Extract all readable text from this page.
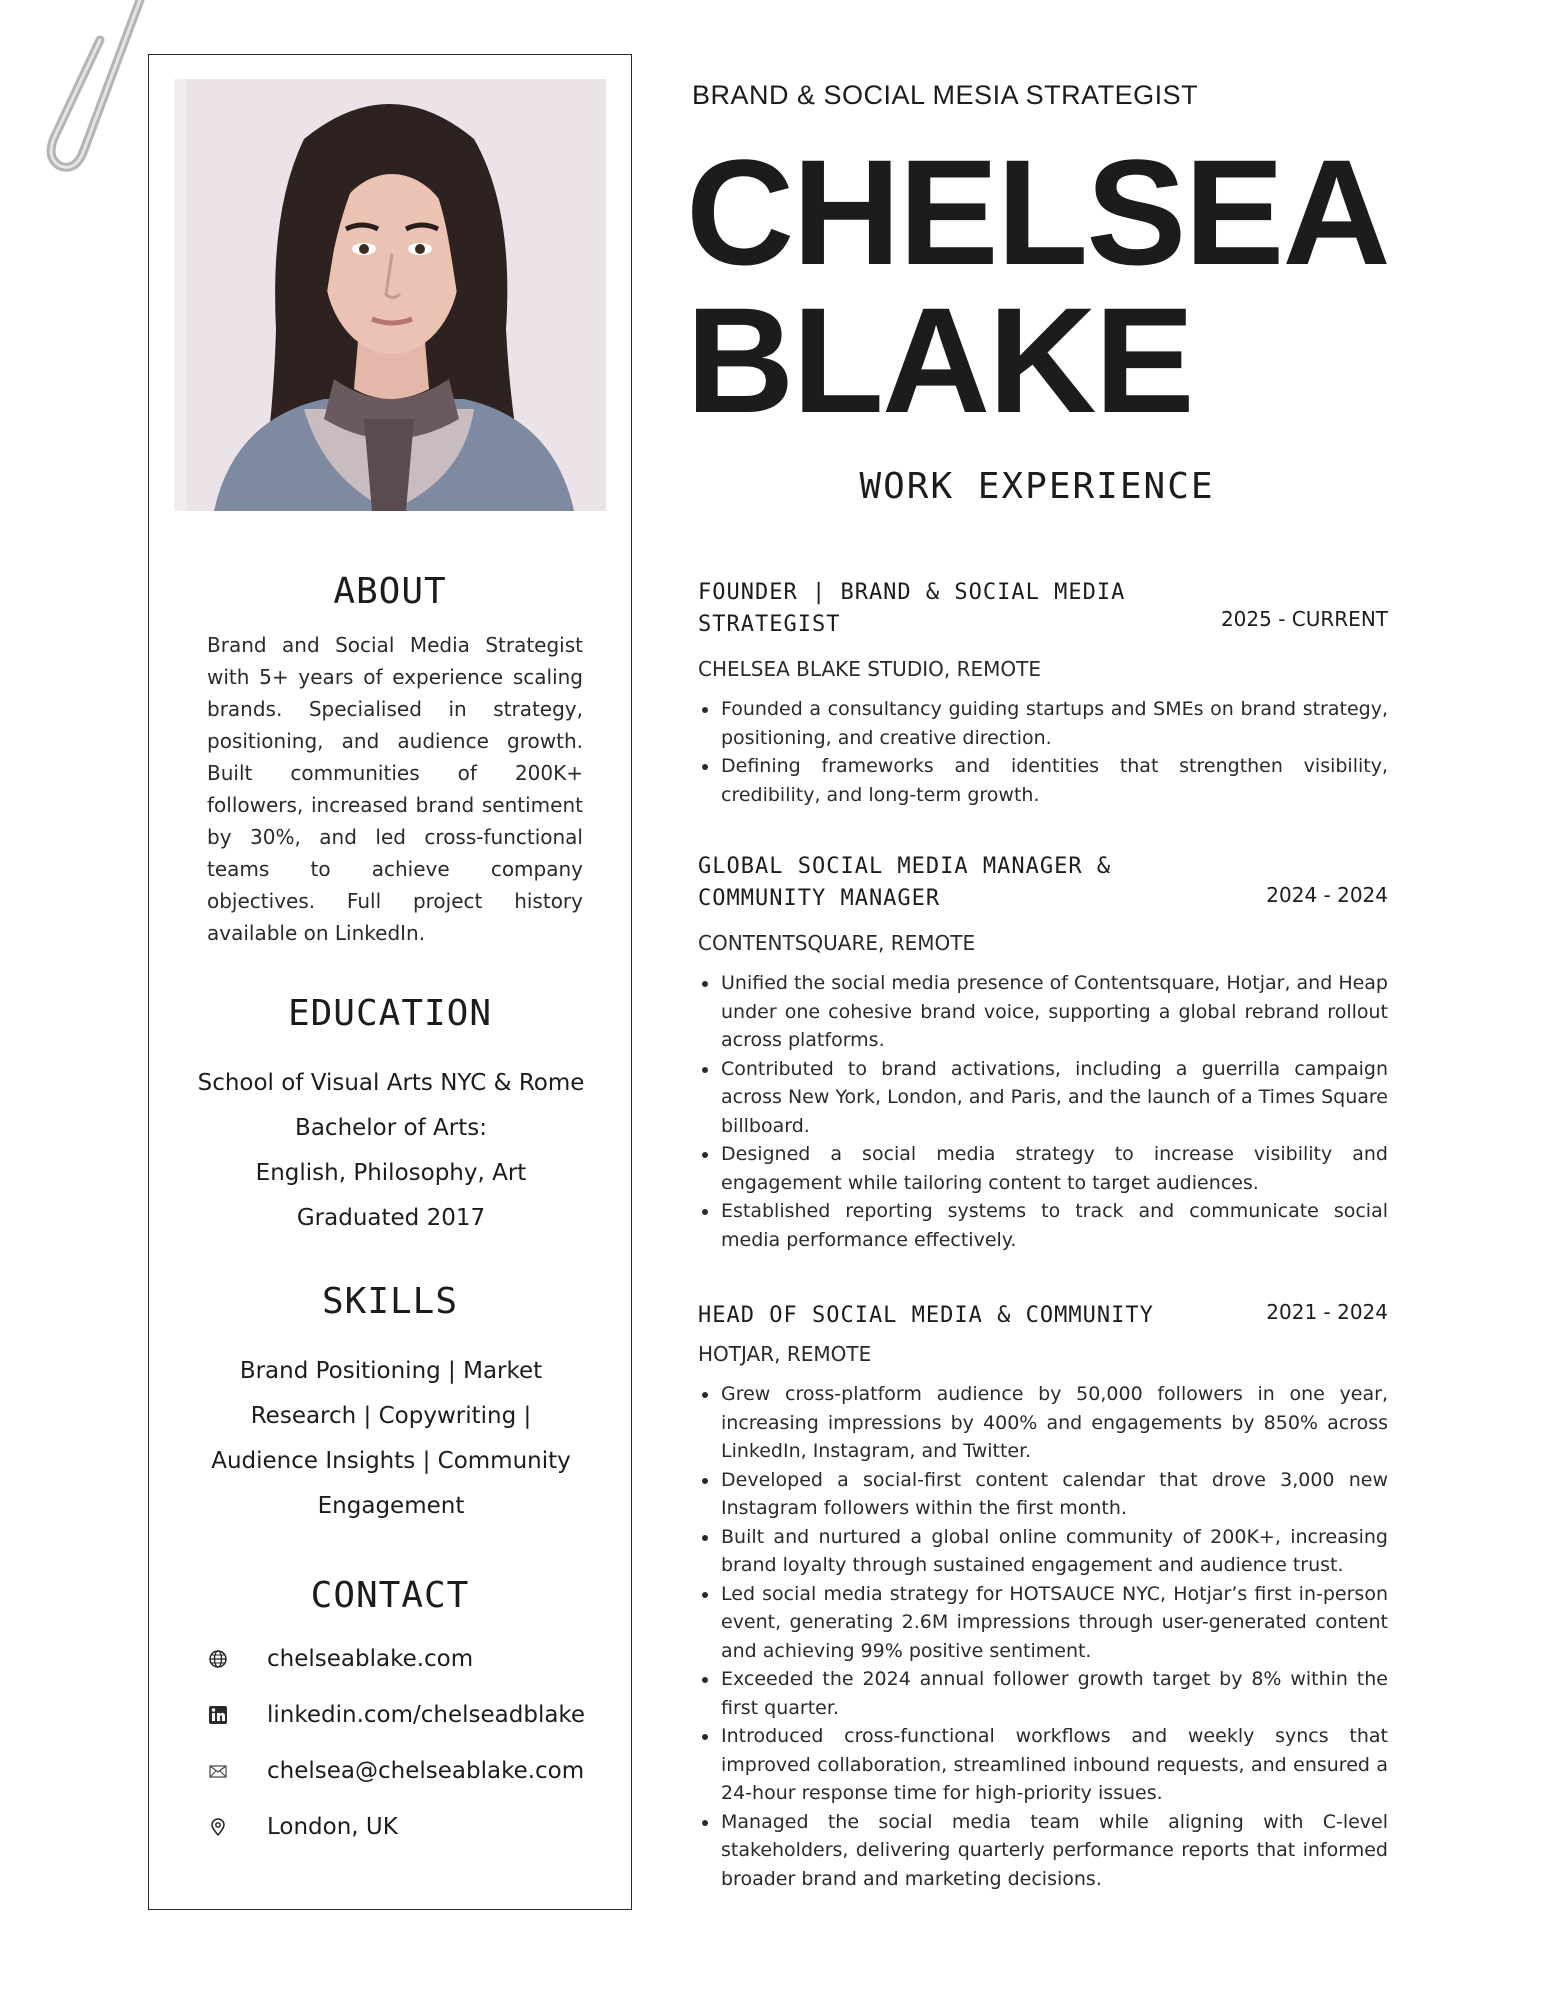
ABOUT

Brand and Social Media Strategist with 5+ years of experience scaling brands. Specialised in strategy, positioning, and audience growth. Built communities of 200K+ followers, increased brand sentiment by 30%, and led cross-functional teams to achieve company objectives. Full project history available on LinkedIn.

EDUCATION
School of Visual Arts NYC & Rome
Bachelor of Arts:
English, Philosophy, Art
Graduated 2017
SKILLS
Brand Positioning | Market
Research | Copywriting |
Audience Insights | Community
Engagement
CONTACT
chelseablake.com
linkedin.com/chelseadblake
chelsea@chelseablake.com
London, UK
BRAND & SOCIAL MESIA STRATEGIST
CHELSEA
BLAKE
WORK EXPERIENCE
2025 - CURRENT
FOUNDER | BRAND & SOCIAL MEDIA
STRATEGIST
CHELSEA BLAKE STUDIO, REMOTE
• Founded a consultancy guiding startups and SMEs on brand strategy, positioning, and creative direction.
• Defining frameworks and identities that strengthen visibility, credibility, and long-term growth.
2024 - 2024
GLOBAL SOCIAL MEDIA MANAGER &
COMMUNITY MANAGER
CONTENTSQUARE, REMOTE
• Unified the social media presence of Contentsquare, Hotjar, and Heap under one cohesive brand voice, supporting a global rebrand rollout across platforms.
• Contributed to brand activations, including a guerrilla campaign across New York, London, and Paris, and the launch of a Times Square billboard.
• Designed a social media strategy to increase visibility and engagement while tailoring content to target audiences.
• Established reporting systems to track and communicate social media performance effectively.
2021 - 2024
HEAD OF SOCIAL MEDIA & COMMUNITY
HOTJAR, REMOTE
• Grew cross-platform audience by 50,000 followers in one year, increasing impressions by 400% and engagements by 850% across LinkedIn, Instagram, and Twitter.
• Developed a social-first content calendar that drove 3,000 new Instagram followers within the first month.
• Built and nurtured a global online community of 200K+, increasing brand loyalty through sustained engagement and audience trust.
• Led social media strategy for HOTSAUCE NYC, Hotjar’s first in-person event, generating 2.6M impressions through user-generated content and achieving 99% positive sentiment.
• Exceeded the 2024 annual follower growth target by 8% within the first quarter.
• Introduced cross-functional workflows and weekly syncs that improved collaboration, streamlined inbound requests, and ensured a 24-hour response time for high-priority issues.
• Managed the social media team while aligning with C-level stakeholders, delivering quarterly performance reports that informed broader brand and marketing decisions.
